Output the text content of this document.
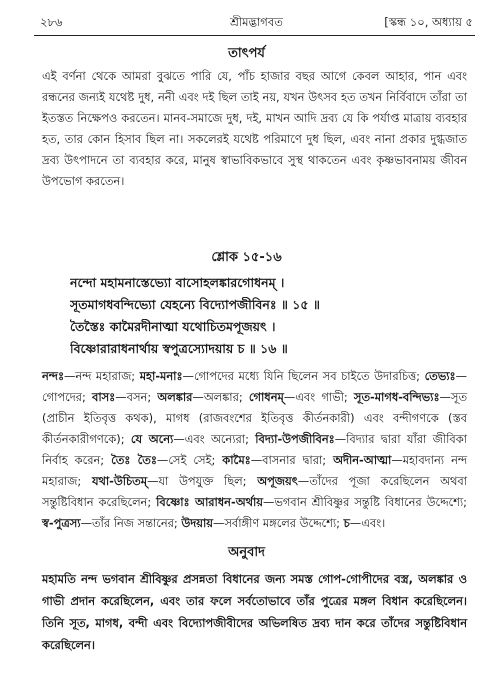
২৮৬	শ্রীমদ্ভাগবত	[স্কন্ধ ১০, অধ্যায় ৫
তাৎপর্য
এই বর্ণনা থেকে আমরা বুঝতে পারি যে, পাঁচ হাজার বছর আগে কেবল আহার, পান এবং রন্ধনের জন্যই যথেষ্ট দুধ, ননী এবং দই ছিল তাই নয়, যখন উৎসব হত তখন নির্বিবাদে তাঁরা তা ইতস্তত নিক্ষেপও করতেন। মানব-সমাজে দুধ, দই, মাখন আদি দ্রব্য যে কি পর্যাপ্ত মাত্রায় ব্যবহার হত, তার কোন হিসাব ছিল না। সকলেরই যথেষ্ট পরিমাণে দুধ ছিল, এবং নানা প্রকার দুগ্ধজাত দ্রব্য উৎপাদনে তা ব্যবহার করে, মানুষ স্বাভাবিকভাবে সুস্থ থাকতেন এবং কৃষ্ণভাবনাময় জীবন উপভোগ করতেন।
শ্লোক ১৫-১৬
নন্দো মহামনাস্তেভ্যো বাসোহলঙ্কারগোধনম্ ।
সূতমাগধবন্দিভ্যো যেহন্যে বিদ্যোপজীবিনঃ ॥ ১৫ ॥
তৈস্তৈঃ কামৈরদীনাত্মা যথোচিতমপূজয়ৎ ।
বিষ্ণোরারাধনার্থায় স্বপুত্রস্যোদয়ায় চ ॥ ১৬ ॥
নন্দঃ—নন্দ মহারাজ; মহা-মনাঃ—গোপদের মধ্যে যিনি ছিলেন সব চাইতে উদারচিত্ত; তেভ্যঃ—গোপদের; বাসঃ—বসন; অলঙ্কার—অলঙ্কার; গোধনম্—এবং গাভী; সূত-মাগধ-বন্দিভ্যঃ—সূত (প্রাচীন ইতিবৃত্ত কথক), মাগধ (রাজবংশের ইতিবৃত্ত কীর্তনকারী) এবং বন্দীগণকে (স্তব কীর্তনকারীগণকে); যে অন্যে—এবং অন্যেরা; বিদ্যা-উপজীবিনঃ—বিদ্যার দ্বারা যাঁরা জীবিকা নির্বাহ করেন; তৈঃ তৈঃ—সেই সেই; কামৈঃ—বাসনার দ্বারা; অদীন-আত্মা—মহাবদান্য নন্দ মহারাজ; যথা-উচিতম্—যা উপযুক্ত ছিল; অপূজয়ৎ—তাঁদের পূজা করেছিলেন অথবা সন্তুষ্টিবিধান করেছিলেন; বিষ্ণোঃ আরাধন-অর্থায়—ভগবান শ্রীবিষ্ণুর সন্তুষ্টি বিধানের উদ্দেশ্যে; স্ব-পুত্রস্য—তাঁর নিজ সন্তানের; উদয়ায়—সর্বাঙ্গীণ মঙ্গলের উদ্দেশ্যে; চ—এবং।
অনুবাদ
মহামতি নন্দ ভগবান শ্রীবিষ্ণুর প্রসন্নতা বিধানের জন্য সমস্ত গোপ-গোপীদের বস্ত্র, অলঙ্কার ও গাভী প্রদান করেছিলেন, এবং তার ফলে সর্বতোভাবে তাঁর পুত্রের মঙ্গল বিধান করেছিলেন। তিনি সূত, মাগধ, বন্দী এবং বিদ্যোপজীবীদের অভিলষিত দ্রব্য দান করে তাঁদের সন্তুষ্টিবিধান করেছিলেন।
